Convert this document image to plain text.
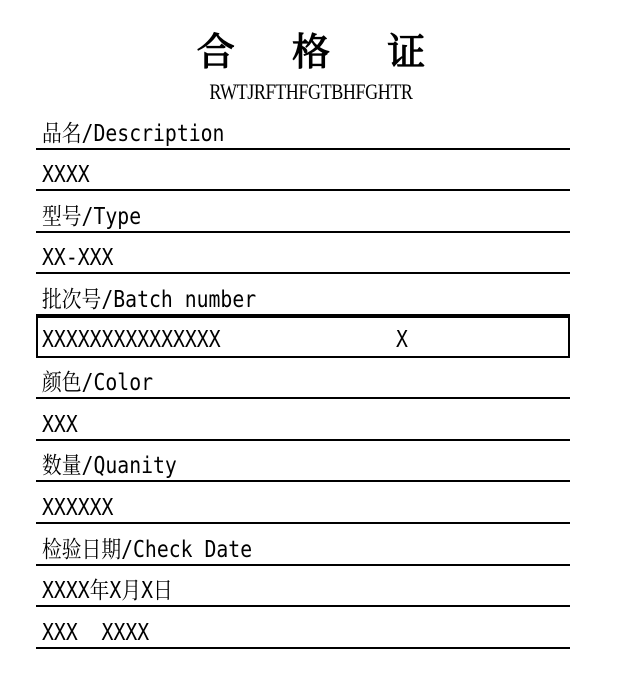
合 格 证
RWTJRFTHFGTBHFGHTR
品名/Description
XXXX
型号/Type
XX-XXX
批次号/Batch number
XXXXXXXXXXXXXXX	X
颜色/Color
XXX
数量/Quanity
XXXXXX
检验日期/Check Date
XXXX年X月X日
XXX  XXXX
